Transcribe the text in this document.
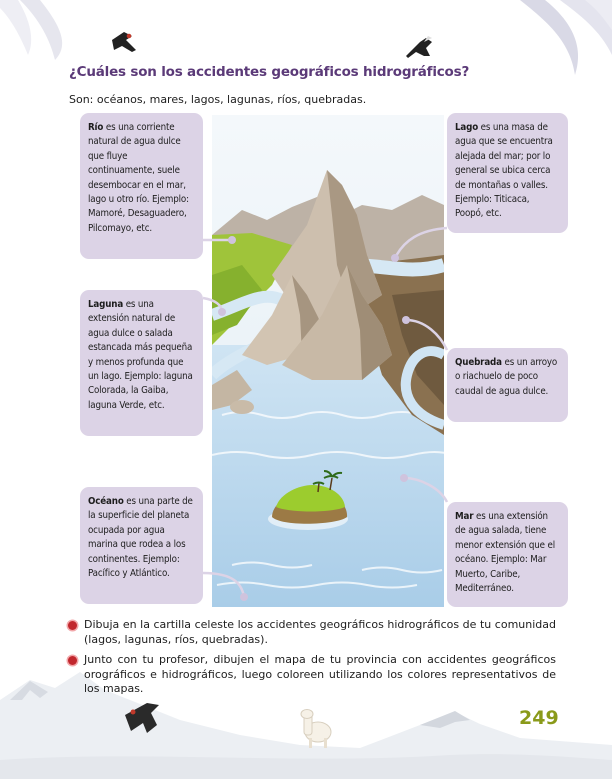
¿Cuáles son los accidentes geográficos hidrográficos?
Son: océanos, mares, lagos, lagunas, ríos, quebradas.
Río es una corriente natural de agua dulce que fluye continuamente, suele desembocar en el mar, lago u otro río. Ejemplo: Mamoré, Desaguadero, Pilcomayo, etc.
Laguna es una extensión natural de agua dulce o salada estancada más pequeña y menos profunda que un lago. Ejemplo: laguna Colorada, la Gaiba, laguna Verde, etc.
Océano es una parte de la superficie del planeta ocupada por agua marina que rodea a los continentes. Ejemplo: Pacífico y Atlántico.
Lago es una masa de agua que se encuentra alejada del mar; por lo general se ubica cerca de montañas o valles. Ejemplo: Titicaca, Poopó, etc.
Quebrada es un arroyo o riachuelo de poco caudal de agua dulce.
Mar es una extensión de agua salada, tiene menor extensión que el océano. Ejemplo: Mar Muerto, Caribe, Mediterráneo.
Dibuja en la cartilla celeste los accidentes geográficos hidrográficos de tu comunidad (lagos, lagunas, ríos, quebradas).
Junto con tu profesor, dibujen el mapa de tu provincia con accidentes geográficos orográficos e hidrográficos, luego coloreen utilizando los colores representativos de los mapas.
249
